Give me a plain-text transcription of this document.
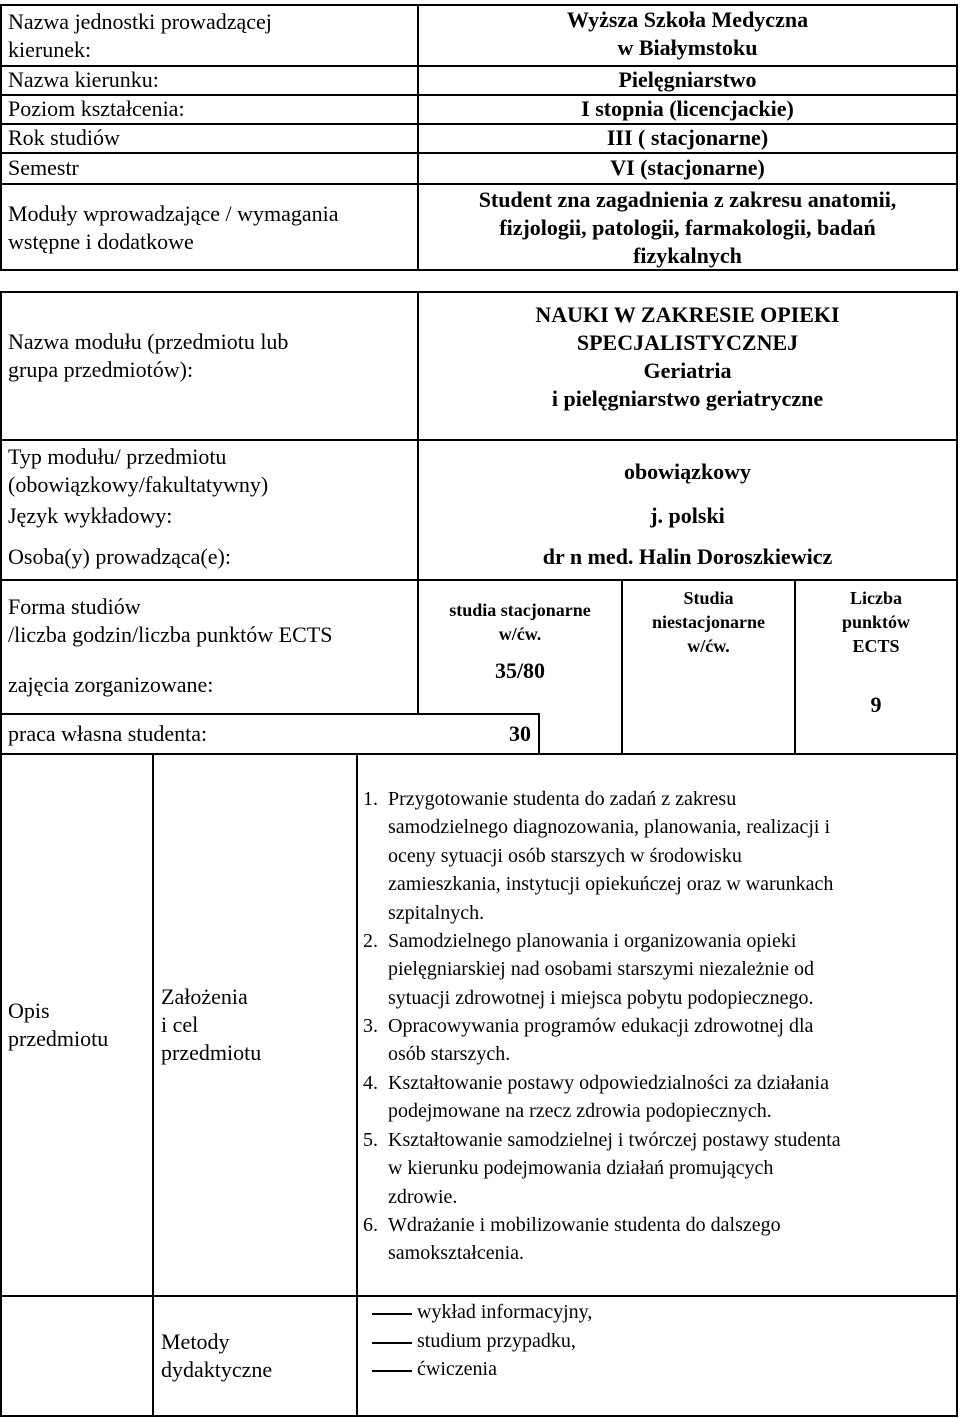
Nazwa jednostki prowadzącej
kierunek:
Nazwa kierunku:
Poziom kształcenia:
Rok studiów
Semestr
Moduły wprowadzające / wymagania
wstępne i dodatkowe
Nazwa modułu (przedmiotu lub
grupa przedmiotów):
Typ modułu/ przedmiotu
(obowiązkowy/fakultatywny)
Język wykładowy:
Osoba(y) prowadząca(e):
Forma studiów
/liczba godzin/liczba punktów ECTS
zajęcia zorganizowane:
praca własna studenta:
Wyższa Szkoła Medyczna
w Białymstoku
Pielęgniarstwo
I stopnia (licencjackie)
III ( stacjonarne)
VI (stacjonarne)
Student zna zagadnienia z zakresu anatomii,
fizjologii, patologii, farmakologii, badań
fizykalnych
NAUKI W ZAKRESIE OPIEKI
SPECJALISTYCZNEJ
Geriatria
i pielęgniarstwo geriatryczne
obowiązkowy
j. polski
dr n med. Halin Doroszkiewicz
studia stacjonarne
w/ćw.
35/80
Studia
niestacjonarne
w/ćw.
Liczba
punktów
ECTS
9
30
Opis
przedmiotu
Założenia
i cel
przedmiotu
1. Przygotowanie studenta do zadań z zakresu
samodzielnego diagnozowania, planowania, realizacji i
oceny sytuacji osób starszych w środowisku
zamieszkania, instytucji opiekuńczej oraz w warunkach
szpitalnych.
2. Samodzielnego planowania i organizowania opieki
pielęgniarskiej nad osobami starszymi niezależnie od
sytuacji zdrowotnej i miejsca pobytu podopiecznego.
3. Opracowywania programów edukacji zdrowotnej dla
osób starszych.
4. Kształtowanie postawy odpowiedzialności za działania
podejmowane na rzecz zdrowia podopiecznych.
5. Kształtowanie samodzielnej i twórczej postawy studenta
w kierunku podejmowania działań promujących
zdrowie.
6. Wdrażanie i mobilizowanie studenta do dalszego
samokształcenia.
Metody
dydaktyczne
wykład informacyjny,
studium przypadku,
ćwiczenia
